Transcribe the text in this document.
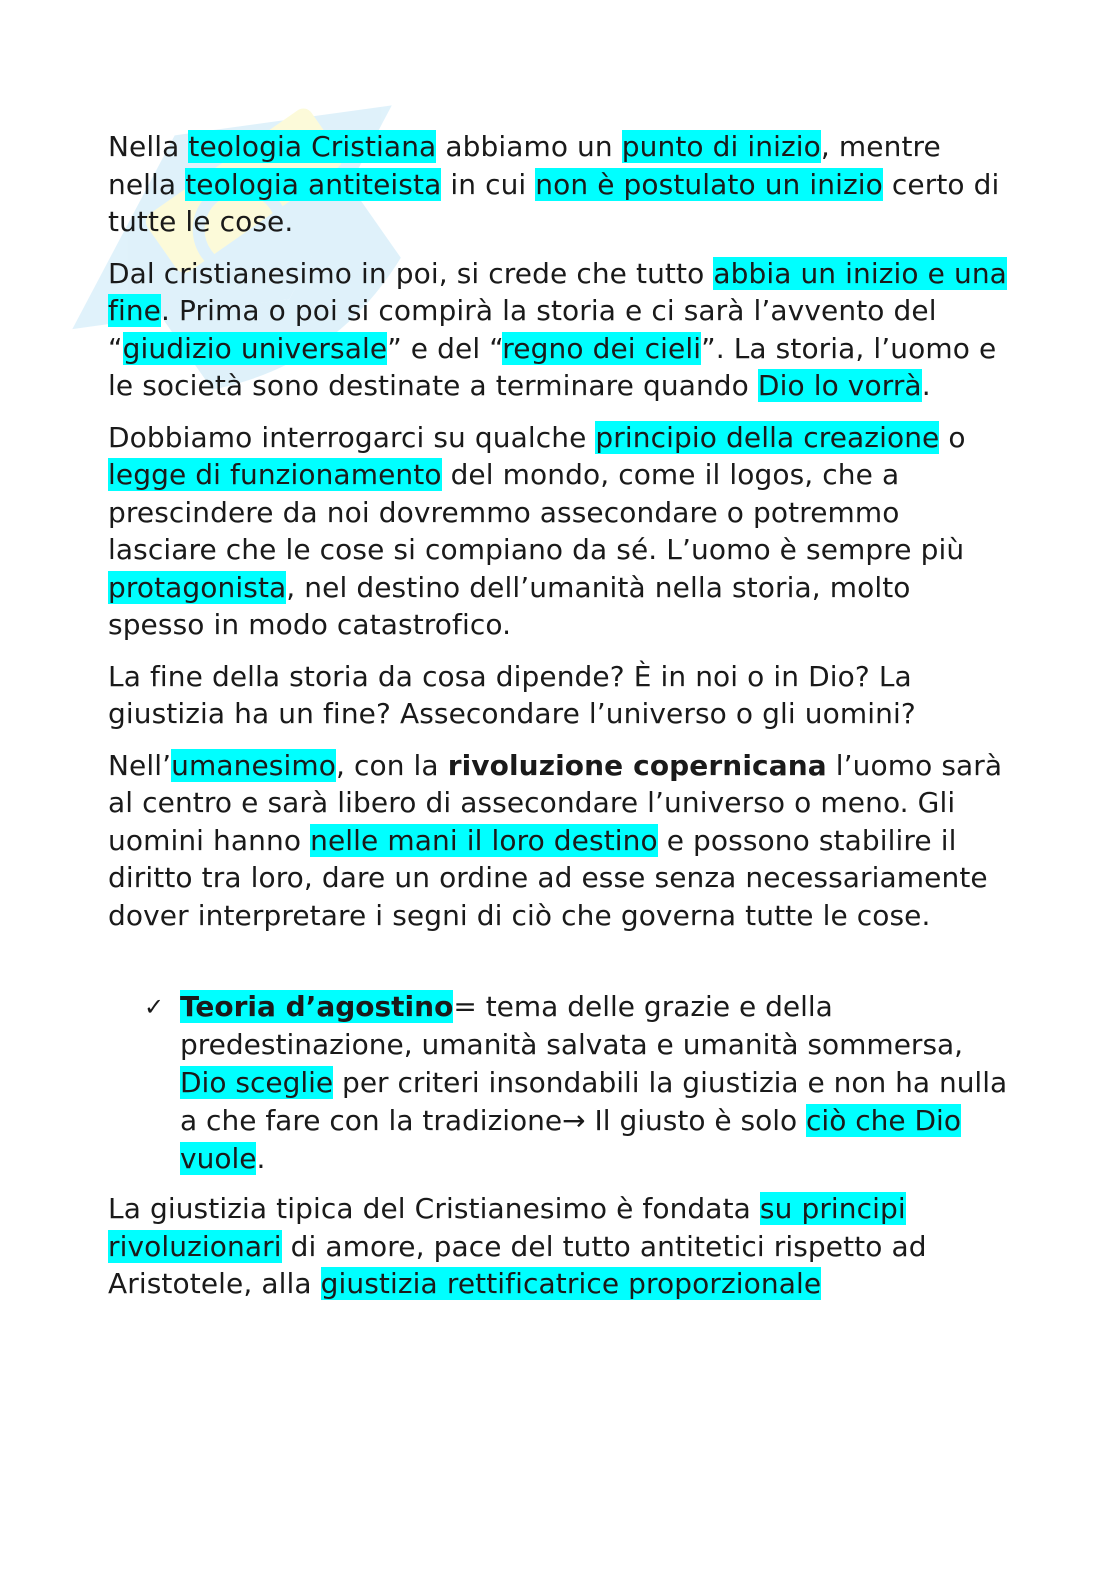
Nella teologia Cristiana abbiamo un punto di inizio, mentre nella teologia antiteista in cui non è postulato un inizio certo di tutte le cose.

Dal cristianesimo in poi, si crede che tutto abbia un inizio e una fine. Prima o poi si compirà la storia e ci sarà l’avvento del “giudizio universale” e del “regno dei cieli”. La storia, l’uomo e le società sono destinate a terminare quando Dio lo vorrà.

Dobbiamo interrogarci su qualche principio della creazione o legge di funzionamento del mondo, come il logos, che a prescindere da noi dovremmo assecondare o potremmo lasciare che le cose si compiano da sé. L’uomo è sempre più protagonista, nel destino dell’umanità nella storia, molto spesso in modo catastrofico.

La fine della storia da cosa dipende? È in noi o in Dio? La giustizia ha un fine? Assecondare l’universo o gli uomini?

Nell’umanesimo, con la rivoluzione copernicana l’uomo sarà al centro e sarà libero di assecondare l’universo o meno. Gli uomini hanno nelle mani il loro destino e possono stabilire il diritto tra loro, dare un ordine ad esse senza necessariamente dover interpretare i segni di ciò che governa tutte le cose.

✓ Teoria d’agostino= tema delle grazie e della predestinazione, umanità salvata e umanità sommersa, Dio sceglie per criteri insondabili la giustizia e non ha nulla a che fare con la tradizione→ Il giusto è solo ciò che Dio vuole.

La giustizia tipica del Cristianesimo è fondata su principi rivoluzionari di amore, pace del tutto antitetici rispetto ad Aristotele, alla giustizia rettificatrice proporzionale
